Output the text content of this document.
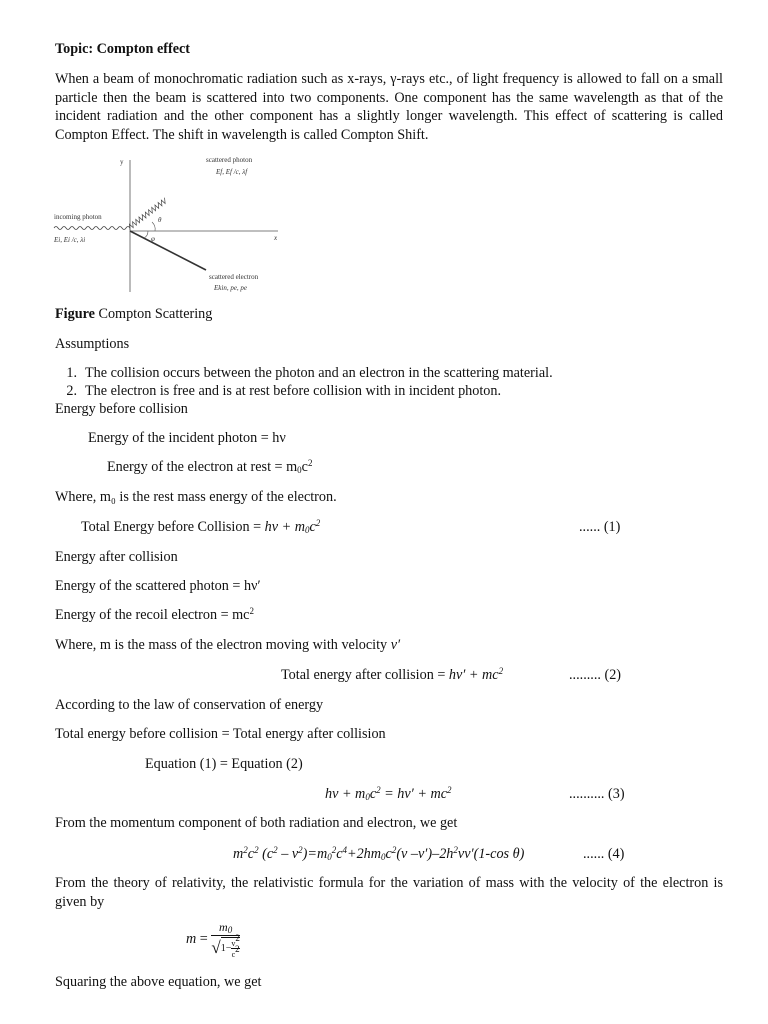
Topic: Compton effect
When a beam of monochromatic radiation such as x-rays, γ-rays etc., of light frequency is allowed to fall on a small particle then the beam is scattered into two components. One component has the same wavelength as that of the incident radiation and the other component has a slightly longer wavelength. This effect of scattering is called Compton Effect. The shift in wavelength is called Compton Shift.
y
x
θ
φ
scattered photon
Ef, Ef /c, λf
incoming photon
Ei, Ei /c, λi
scattered electron
Ekin, pe, pe
Figure Compton Scattering
Assumptions
1. The collision occurs between the photon and an electron in the scattering material.
2. The electron is free and is at rest before collision with in incident photon.
Energy before collision
Energy of the incident photon = hν
Energy of the electron at rest = $m_0c^2$
Where, m₀ is the rest mass energy of the electron.
Total Energy before Collision = $h\nu + m_0c^2$	...... (1)
Energy after collision
Energy of the scattered photon = hν′
Energy of the recoil electron = $mc^2$
Where, m is the mass of the electron moving with velocity v′
Total energy after collision = $h\nu' + mc^2$	......... (2)
According to the law of conservation of energy
Total energy before collision = Total energy after collision
Equation (1) = Equation (2)
$h\nu + m_0c^2 = h\nu' + mc^2$	.......... (3)
From the momentum component of both radiation and electron, we get
$m^2c^2$ $(c^2 - v^2)=m_0^2c^4+2hm_0c^2(\nu$ $-\nu')-2h^2\nu\nu'(1-\cos$ θ)	...... (4)
From the theory of relativity, the relativistic formula for the variation of mass with the velocity of the electron is given by
$m = \frac{m_0}{√1- \frac{v^2}{c^2}}$
Squaring the above equation, we get
